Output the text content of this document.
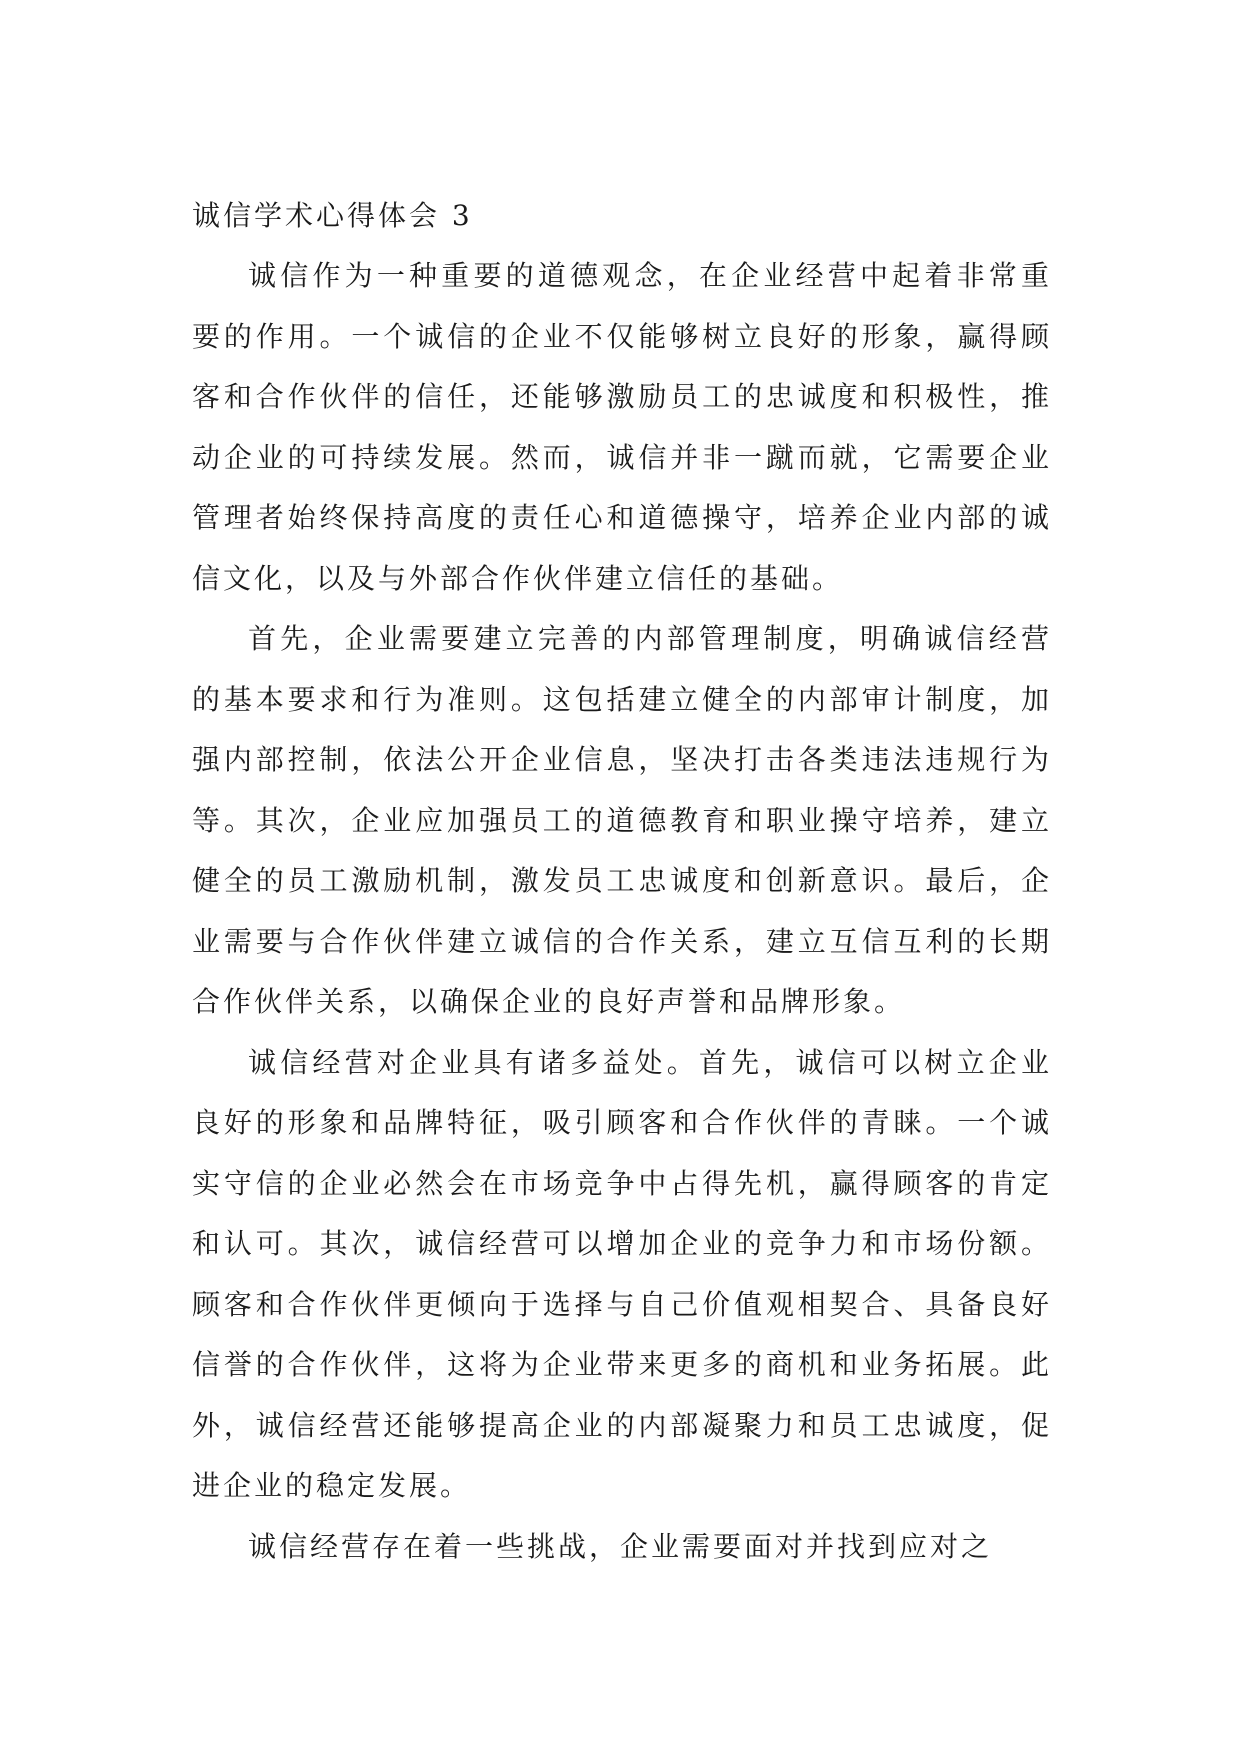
诚信学术心得体会 3

诚信作为一种重要的道德观念，在企业经营中起着非常重要的作用。一个诚信的企业不仅能够树立良好的形象，赢得顾客和合作伙伴的信任，还能够激励员工的忠诚度和积极性，推动企业的可持续发展。然而，诚信并非一蹴而就，它需要企业管理者始终保持高度的责任心和道德操守，培养企业内部的诚信文化，以及与外部合作伙伴建立信任的基础。

首先，企业需要建立完善的内部管理制度，明确诚信经营的基本要求和行为准则。这包括建立健全的内部审计制度，加强内部控制，依法公开企业信息，坚决打击各类违法违规行为等。其次，企业应加强员工的道德教育和职业操守培养，建立健全的员工激励机制，激发员工忠诚度和创新意识。最后，企业需要与合作伙伴建立诚信的合作关系，建立互信互利的长期合作伙伴关系，以确保企业的良好声誉和品牌形象。

诚信经营对企业具有诸多益处。首先，诚信可以树立企业良好的形象和品牌特征，吸引顾客和合作伙伴的青睐。一个诚实守信的企业必然会在市场竞争中占得先机，赢得顾客的肯定和认可。其次，诚信经营可以增加企业的竞争力和市场份额。顾客和合作伙伴更倾向于选择与自己价值观相契合、具备良好信誉的合作伙伴，这将为企业带来更多的商机和业务拓展。此外，诚信经营还能够提高企业的内部凝聚力和员工忠诚度，促进企业的稳定发展。

诚信经营存在着一些挑战，企业需要面对并找到应对之
